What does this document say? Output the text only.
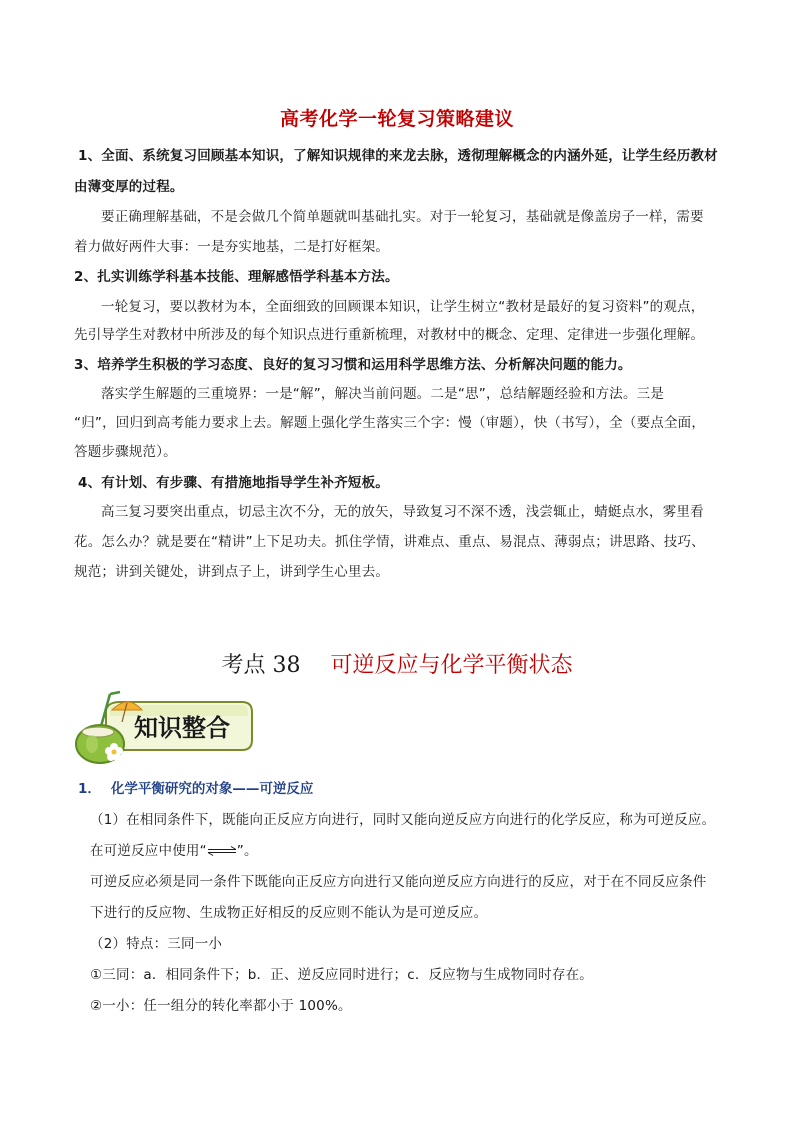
高考化学一轮复习策略建议
1、全面、系统复习回顾基本知识，了解知识规律的来龙去脉，透彻理解概念的内涵外延，让学生经历教材
由薄变厚的过程。
要正确理解基础，不是会做几个简单题就叫基础扎实。对于一轮复习，基础就是像盖房子一样，需要
着力做好两件大事：一是夯实地基，二是打好框架。
2、扎实训练学科基本技能、理解感悟学科基本方法。
一轮复习，要以教材为本，全面细致的回顾课本知识，让学生树立“教材是最好的复习资料”的观点，
先引导学生对教材中所涉及的每个知识点进行重新梳理，对教材中的概念、定理、定律进一步强化理解。
3、培养学生积极的学习态度、良好的复习习惯和运用科学思维方法、分析解决问题的能力。
落实学生解题的三重境界：一是“解”，解决当前问题。二是“思”，总结解题经验和方法。三是
“归”，回归到高考能力要求上去。解题上强化学生落实三个字：慢（审题），快（书写），全（要点全面，
答题步骤规范）。
4、有计划、有步骤、有措施地指导学生补齐短板。
高三复习要突出重点，切忌主次不分，无的放矢，导致复习不深不透，浅尝辄止，蜻蜓点水，雾里看
花。怎么办？就是要在“精讲”上下足功夫。抓住学情，讲难点、重点、易混点、薄弱点；讲思路、技巧、
规范；讲到关键处，讲到点子上，讲到学生心里去。
考点 38 可逆反应与化学平衡状态
知识整合
1． 化学平衡研究的对象——可逆反应
（1）在相同条件下，既能向正反应方向进行，同时又能向逆反应方向进行的化学反应，称为可逆反应。
在可逆反应中使用“⇌”。
可逆反应必须是同一条件下既能向正反应方向进行又能向逆反应方向进行的反应，对于在不同反应条件
下进行的反应物、生成物正好相反的反应则不能认为是可逆反应。
（2）特点：三同一小
①三同：a．相同条件下；b．正、逆反应同时进行；c．反应物与生成物同时存在。
②一小：任一组分的转化率都小于 100%。
